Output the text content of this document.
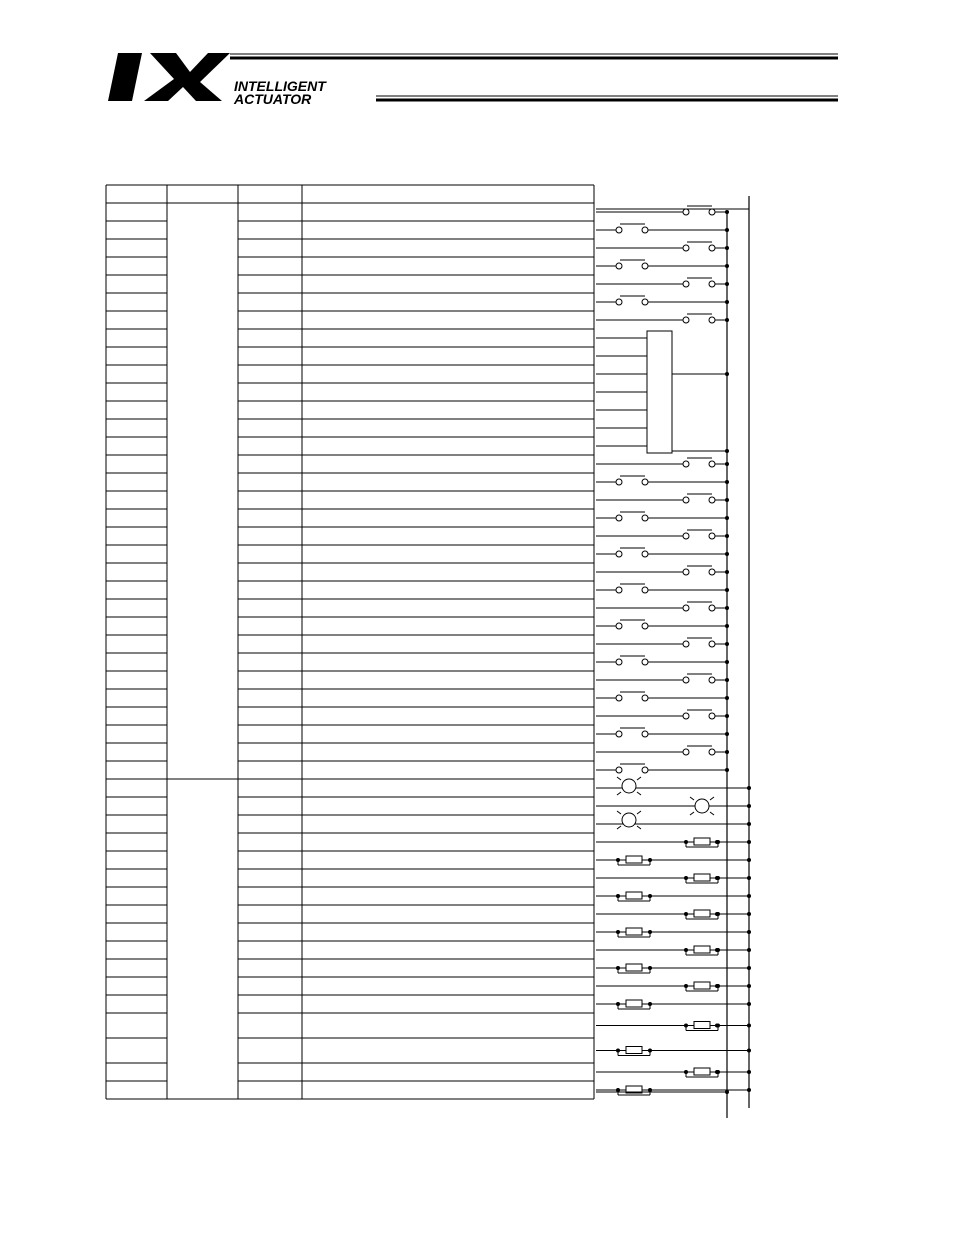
INTELLIGENT
ACTUATOR
